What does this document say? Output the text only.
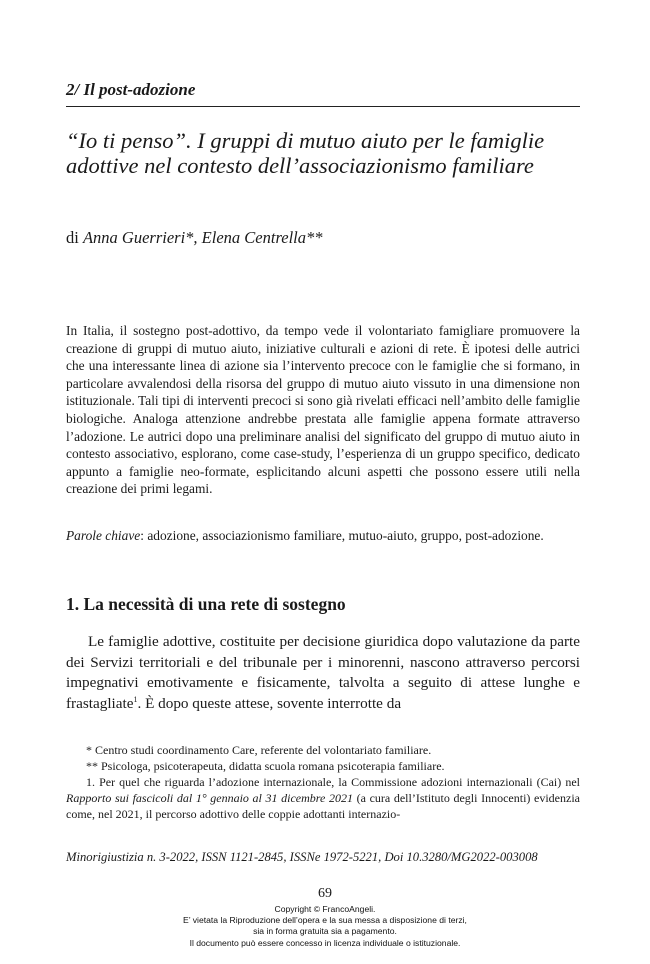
2/ Il post-adozione
“Io ti penso”. I gruppi di mutuo aiuto per le famiglie adottive nel contesto dell’associazionismo familiare
di Anna Guerrieri*, Elena Centrella**
In Italia, il sostegno post-adottivo, da tempo vede il volontariato famigliare promuovere la creazione di gruppi di mutuo aiuto, iniziative culturali e azioni di rete. È ipotesi delle autrici che una interessante linea di azione sia l’intervento precoce con le famiglie che si formano, in particolare avvalendosi della risorsa del gruppo di mutuo aiuto vissuto in una dimensione non istituzionale. Tali tipi di interventi precoci si sono già rivelati efficaci nell’ambito delle famiglie biologiche. Analoga attenzione andrebbe prestata alle famiglie appena formate attraverso l’adozione. Le autrici dopo una preliminare analisi del significato del gruppo di mutuo aiuto in contesto associativo, esplorano, come case-study, l’esperienza di un gruppo specifico, dedicato appunto a famiglie neo-formate, esplicitando alcuni aspetti che possono essere utili nella creazione dei primi legami.
Parole chiave: adozione, associazionismo familiare, mutuo-aiuto, gruppo, post-adozione.
1. La necessità di una rete di sostegno
Le famiglie adottive, costituite per decisione giuridica dopo valutazione da parte dei Servizi territoriali e del tribunale per i minorenni, nascono attraverso percorsi impegnativi emotivamente e fisicamente, talvolta a seguito di attese lunghe e frastagliate$^1$. È dopo queste attese, sovente interrotte da
* Centro studi coordinamento Care, referente del volontariato familiare.
** Psicologa, psicoterapeuta, didatta scuola romana psicoterapia familiare.
1. Per quel che riguarda l’adozione internazionale, la Commissione adozioni internazionali (Cai) nel Rapporto sui fascicoli dal 1° gennaio al 31 dicembre 2021 (a cura dell’Istituto degli Innocenti) evidenzia come, nel 2021, il percorso adottivo delle coppie adottanti internazio-
Minorigiustizia n. 3-2022, ISSN 1121-2845, ISSNe 1972-5221, Doi 10.3280/MG2022-003008
69
Copyright © FrancoAngeli.
E’ vietata la Riproduzione dell’opera e la sua messa a disposizione di terzi,
sia in forma gratuita sia a pagamento.
Il documento può essere concesso in licenza individuale o istituzionale.
